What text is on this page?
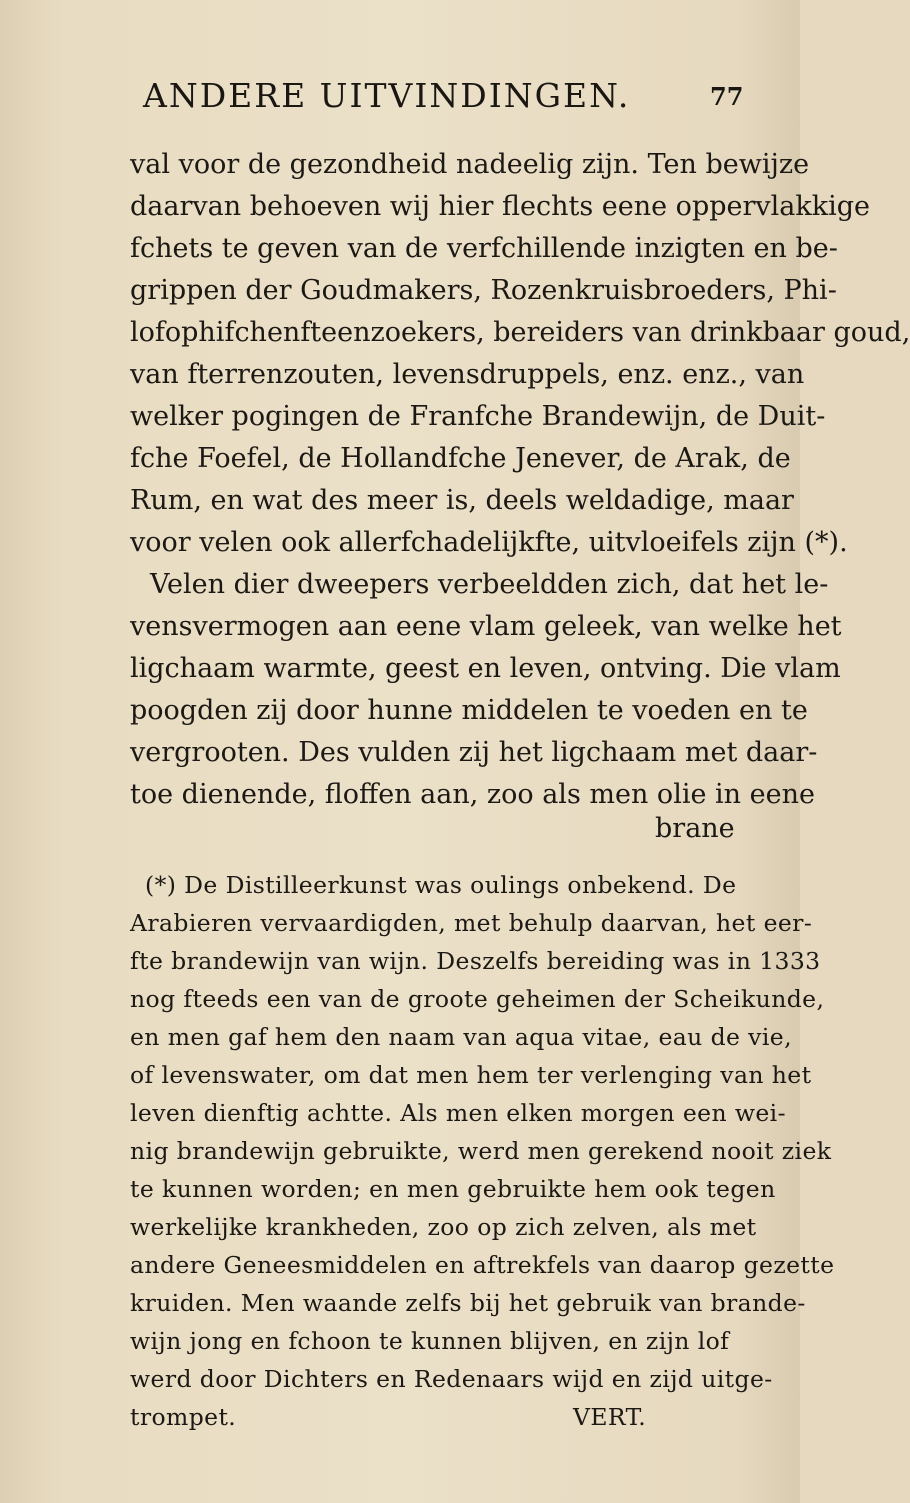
ANDERE UITVINDINGEN.	77
val voor de gezondheid nadeelig zijn. Ten bewijze
daarvan behoeven wij hier flechts eene oppervlakkige
fchets te geven van de verfchillende inzigten en be-
grippen der Goudmakers, Rozenkruisbroeders, Phi-
lofophifchenfteenzoekers, bereiders van drinkbaar goud,
van fterrenzouten, levensdruppels, enz. enz., van
welker pogingen de Franfche Brandewijn, de Duit-
fche Foefel, de Hollandfche Jenever, de Arak, de
Rum, en wat des meer is, deels weldadige, maar
voor velen ook allerfchadelijkfte, uitvloeifels zijn (*).
Velen dier dweepers verbeeldden zich, dat het le-
vensvermogen aan eene vlam geleek, van welke het
ligchaam warmte, geest en leven, ontving. Die vlam
poogden zij door hunne middelen te voeden en te
vergrooten. Des vulden zij het ligchaam met daar-
toe dienende, floffen aan, zoo als men olie in eene
brane
(*) De Distilleerkunst was oulings onbekend. De
Arabieren vervaardigden, met behulp daarvan, het eer-
fte brandewijn van wijn. Deszelfs bereiding was in 1333
nog fteeds een van de groote geheimen der Scheikunde,
en men gaf hem den naam van aqua vitae, eau de vie,
of levenswater, om dat men hem ter verlenging van het
leven dienftig achtte. Als men elken morgen een wei-
nig brandewijn gebruikte, werd men gerekend nooit ziek
te kunnen worden; en men gebruikte hem ook tegen
werkelijke krankheden, zoo op zich zelven, als met
andere Geneesmiddelen en aftrekfels van daarop gezette
kruiden. Men waande zelfs bij het gebruik van brande-
wijn jong en fchoon te kunnen blijven, en zijn lof
werd door Dichters en Redenaars wijd en zijd uitge-
trompet.	VERT.
